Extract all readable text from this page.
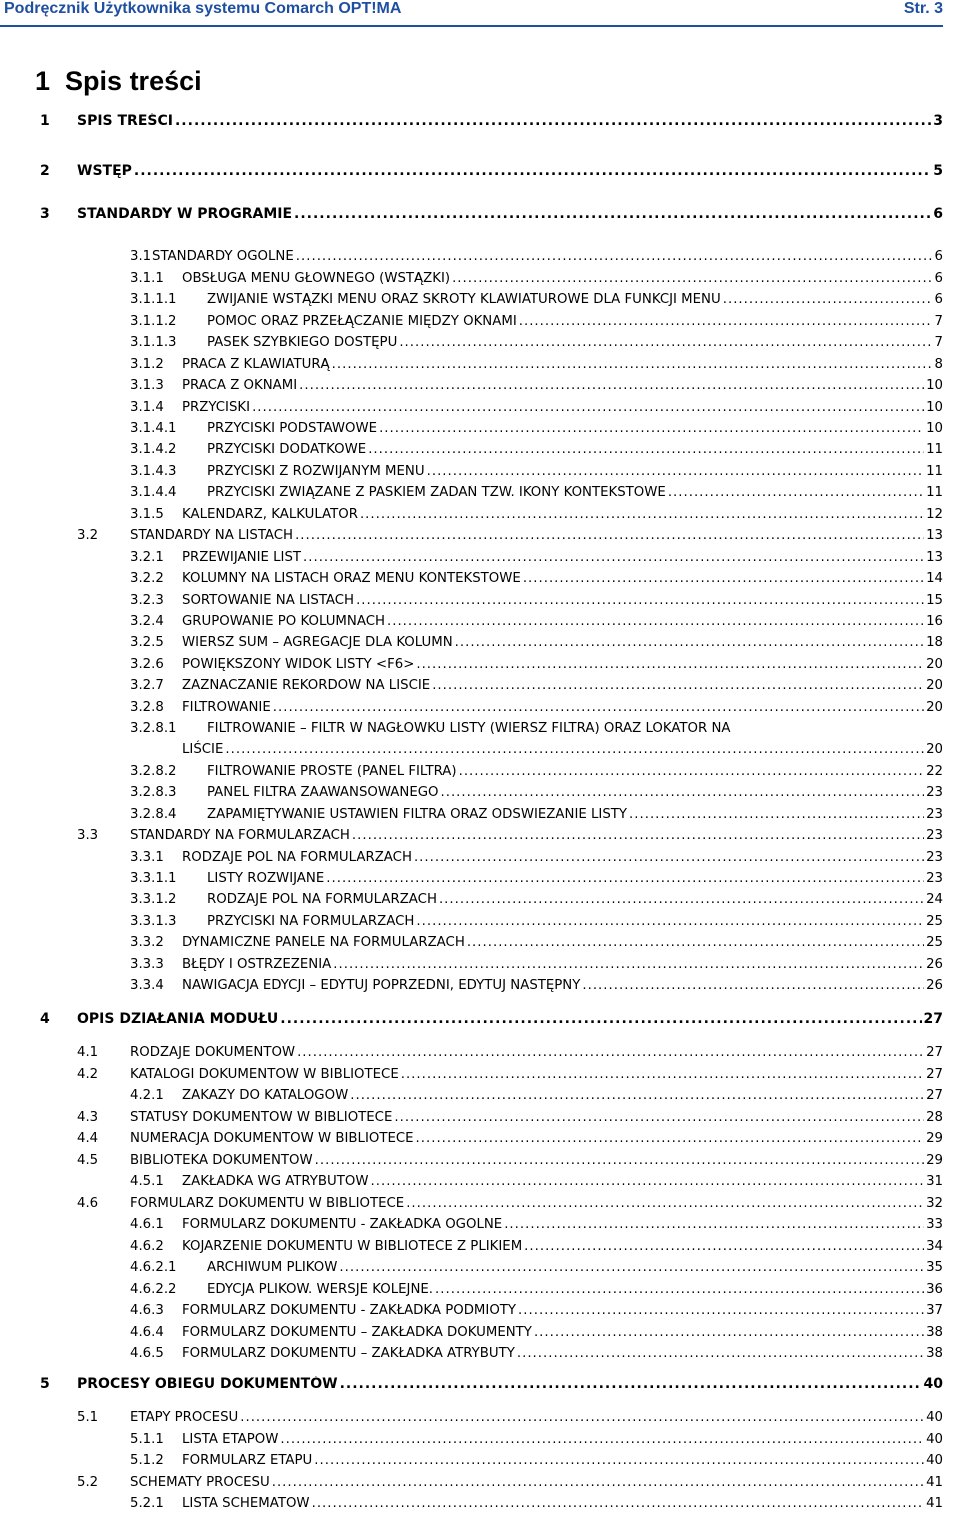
Podręcznik Użytkownika systemu Comarch OPT!MA	Str. 3
1 Spis treści
1 SPIS TREŚCI .....	3
2 WSTĘP .....	5
3 STANDARDY W PROGRAMIE .....	6
3.1 STANDARDY OGÓLNE .....	6
3.1.1 OBSŁUGA MENU GŁÓWNEGO (WSTĄŻKI) .....	6
3.1.1.1 ZWIJANIE WSTĄŻKI MENU ORAZ SKRÓTY KLAWIATUROWE DLA FUNKCJI MENU .....	6
3.1.1.2 POMOC ORAZ PRZEŁĄCZANIE MIĘDZY OKNAMI .....	7
3.1.1.3 PASEK SZYBKIEGO DOSTĘPU .....	7
3.1.2 PRACA Z KLAWIATURĄ .....	8
3.1.3 PRACA Z OKNAMI .....	10
3.1.4 PRZYCISKI .....	10
3.1.4.1 PRZYCISKI PODSTAWOWE .....	10
3.1.4.2 PRZYCISKI DODATKOWE .....	11
3.1.4.3 PRZYCISKI Z ROZWIJANYM MENU .....	11
3.1.4.4 PRZYCISKI ZWIĄZANE Z PASKIEM ZADAŃ TZW. IKONY KONTEKSTOWE .....	11
3.1.5 KALENDARZ, KALKULATOR .....	12
3.2 STANDARDY NA LISTACH .....	13
3.2.1 PRZEWIJANIE LIST .....	13
3.2.2 KOLUMNY NA LISTACH ORAZ MENU KONTEKSTOWE .....	14
3.2.3 SORTOWANIE NA LISTACH .....	15
3.2.4 GRUPOWANIE PO KOLUMNACH .....	16
3.2.5 WIERSZ SUM – AGREGACJE DLA KOLUMN .....	18
3.2.6 POWIĘKSZONY WIDOK LISTY <F6> .....	20
3.2.7 ZAZNACZANIE REKORDÓW NA LIŚCIE .....	20
3.2.8 FILTROWANIE .....	20
3.2.8.1 FILTROWANIE – FILTR W NAGŁÓWKU LISTY (WIERSZ FILTRA) ORAZ LOKATOR NA
LIŚCIE .....	20
3.2.8.2 FILTROWANIE PROSTE (PANEL FILTRA) .....	22
3.2.8.3 PANEL FILTRA ZAAWANSOWANEGO .....	23
3.2.8.4 ZAPAMIĘTYWANIE USTAWIEŃ FILTRA ORAZ ODŚWIEŻANIE LISTY .....	23
3.3 STANDARDY NA FORMULARZACH .....	23
3.3.1 RODZAJE PÓL NA FORMULARZACH .....	23
3.3.1.1 LISTY ROZWIJANE .....	23
3.3.1.2 RODZAJE PÓL NA FORMULARZACH .....	24
3.3.1.3 PRZYCISKI NA FORMULARZACH .....	25
3.3.2 DYNAMICZNE PANELE NA FORMULARZACH .....	25
3.3.3 BŁĘDY I OSTRZEŻENIA .....	26
3.3.4 NAWIGACJA EDYCJI – EDYTUJ POPRZEDNI, EDYTUJ NASTĘPNY .....	26
4 OPIS DZIAŁANIA MODUŁU .....	27
4.1 RODZAJE DOKUMENTÓW .....	27
4.2 KATALOGI DOKUMENTÓW W BIBLIOTECE .....	27
4.2.1 ZAKAZY DO KATALOGÓW .....	27
4.3 STATUSY DOKUMENTÓW W BIBLIOTECE .....	28
4.4 NUMERACJA DOKUMENTÓW W BIBLIOTECE .....	29
4.5 BIBLIOTEKA DOKUMENTÓW .....	29
4.5.1 ZAKŁADKA WG ATRYBUTÓW .....	31
4.6 FORMULARZ DOKUMENTU W BIBLIOTECE .....	32
4.6.1 FORMULARZ DOKUMENTU - ZAKŁADKA OGÓLNE .....	33
4.6.2 KOJARZENIE DOKUMENTU W BIBLIOTECE Z PLIKIEM .....	34
4.6.2.1 ARCHIWUM PLIKÓW .....	35
4.6.2.2 EDYCJA PLIKÓW. WERSJE KOLEJNE. .....	36
4.6.3 FORMULARZ DOKUMENTU - ZAKŁADKA PODMIOTY .....	37
4.6.4 FORMULARZ DOKUMENTU – ZAKŁADKA DOKUMENTY .....	38
4.6.5 FORMULARZ DOKUMENTU – ZAKŁADKA ATRYBUTY .....	38
5 PROCESY OBIEGU DOKUMENTÓW .....	40
5.1 ETAPY PROCESU .....	40
5.1.1 LISTA ETAPÓW .....	40
5.1.2 FORMULARZ ETAPU .....	40
5.2 SCHEMATY PROCESU .....	41
5.2.1 LISTA SCHEMATÓW .....	41
